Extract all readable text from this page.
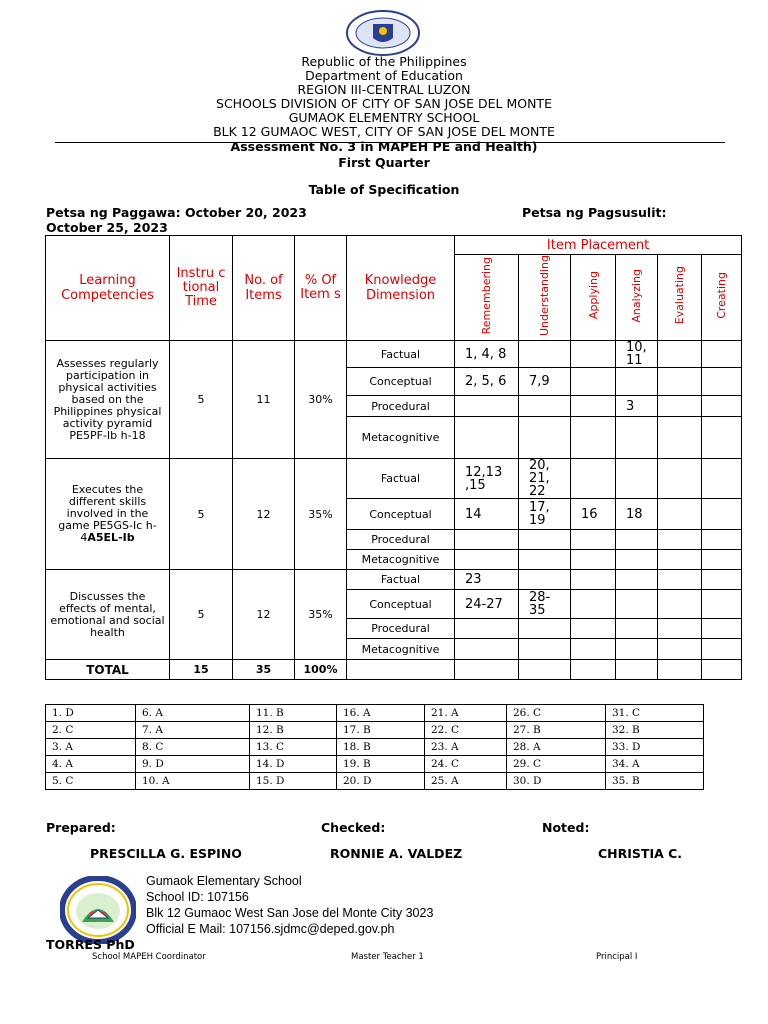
Republic of the Philippines
Department of Education
REGION III-CENTRAL LUZON
SCHOOLS DIVISION OF CITY OF SAN JOSE DEL MONTE
GUMAOK ELEMENTRY SCHOOL
BLK 12 GUMAOC WEST, CITY OF SAN JOSE DEL MONTE
Assessment No. 3 in MAPEH PE and Health)
First Quarter
Table of Specification
Petsa ng Paggawa: October 20, 2023	Petsa ng Pagsusulit:
October 25, 2023
Learning Competencies	Instru c tional Time	No. of Items	% Of Item s	Knowledge Dimension	Item Placement					
					Remembering	Understanding	Applying	Analyzing	Evaluating	Creating
Assesses regularly participation in physical activities based on the Philippines physical activity pyramid PE5PF-Ib h-18	5	11	30%	Factual	1, 4, 8			10, 11		
				Conceptual	2, 5, 6	7,9				
				Procedural				3		
				Metacognitive						
Executes the different skills involved in the game PE5GS-Ic h-4A5EL-Ib	5	12	35%	Factual	12,13 ,15	20, 21, 22				
				Conceptual	14	17, 19	16	18		
				Procedural						
				Metacognitive						
Discusses the effects of mental, emotional and social health	5	12	35%	Factual	23					
				Conceptual	24-27	28- 35				
				Procedural						
				Metacognitive						
TOTAL	15	35	100%							
1. D	6. A	11. B	16. A	21. A	26. C	31. C
2. C	7. A	12. B	17. B	22. C	27. B	32. B
3. A	8. C	13. C	18. B	23. A	28. A	33. D
4. A	9. D	14. D	19. B	24. C	29. C	34. A
5. C	10. A	15. D	20. D	25. A	30. D	35. B
Prepared:	Checked:	Noted:
PRESCILLA G. ESPINO	RONNIE A. VALDEZ	CHRISTIA C.
Gumaok Elementary School
School ID: 107156
Blk 12 Gumaoc West San Jose del Monte City 3023
Official E Mail: 107156.sjdmc@deped.gov.ph
TORRES PhD
School MAPEH Coordinator	Master Teacher 1	Principal I
